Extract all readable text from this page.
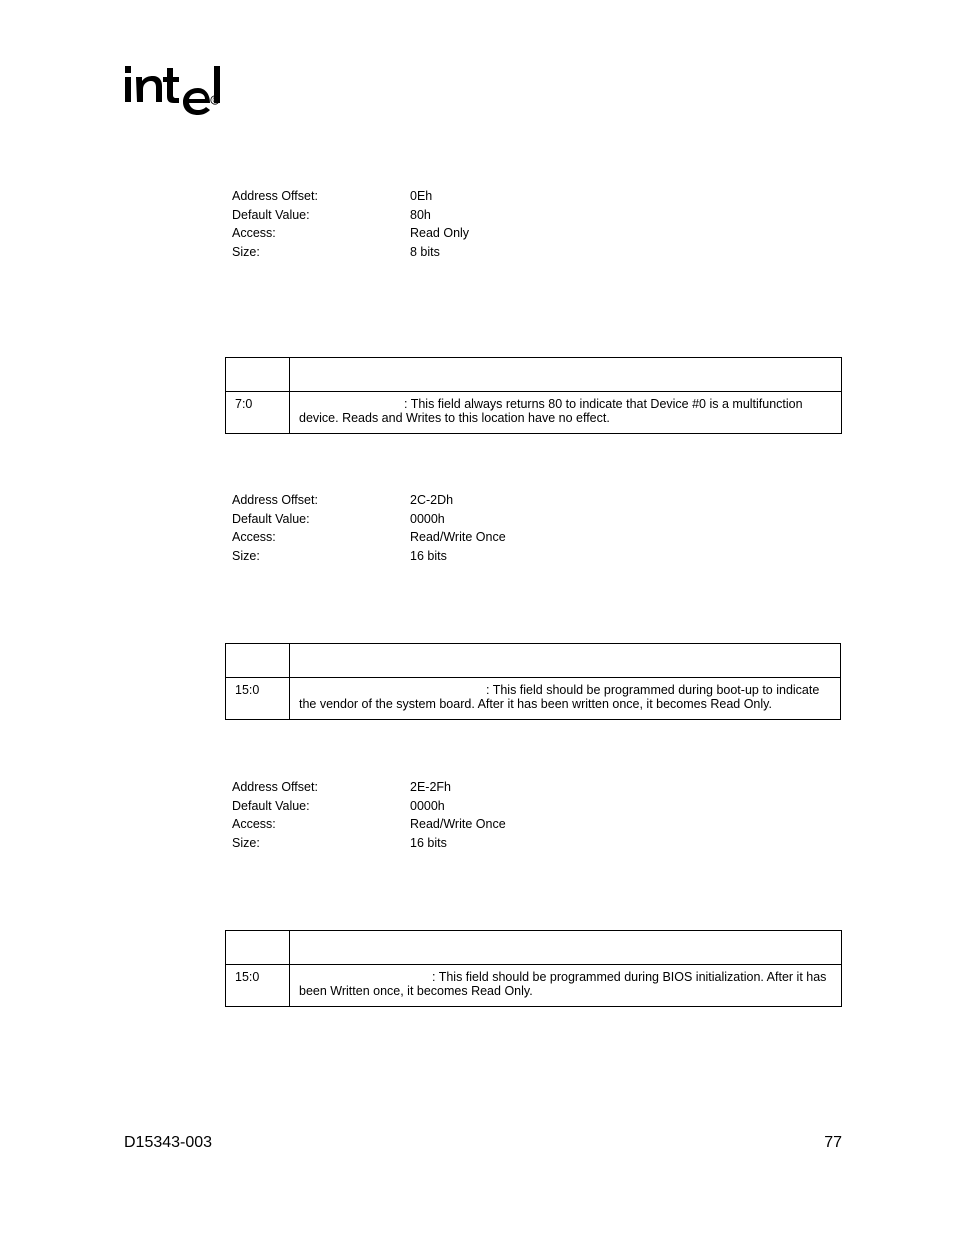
®
Address Offset:	0Eh
Default Value:	80h
Access:	Read Only
Size:	8 bits

7:0	: This field always returns 80 to indicate that Device #0 is a multifunction device. Reads and Writes to this location have no effect.
Address Offset:	2C-2Dh
Default Value:	0000h
Access:	Read/Write Once
Size:	16 bits

15:0	: This field should be programmed during boot-up to indicate the vendor of the system board. After it has been written once, it becomes Read Only.
Address Offset:	2E-2Fh
Default Value:	0000h
Access:	Read/Write Once
Size:	16 bits

15:0	: This field should be programmed during BIOS initialization. After it has been Written once, it becomes Read Only.
D15343-003	77
